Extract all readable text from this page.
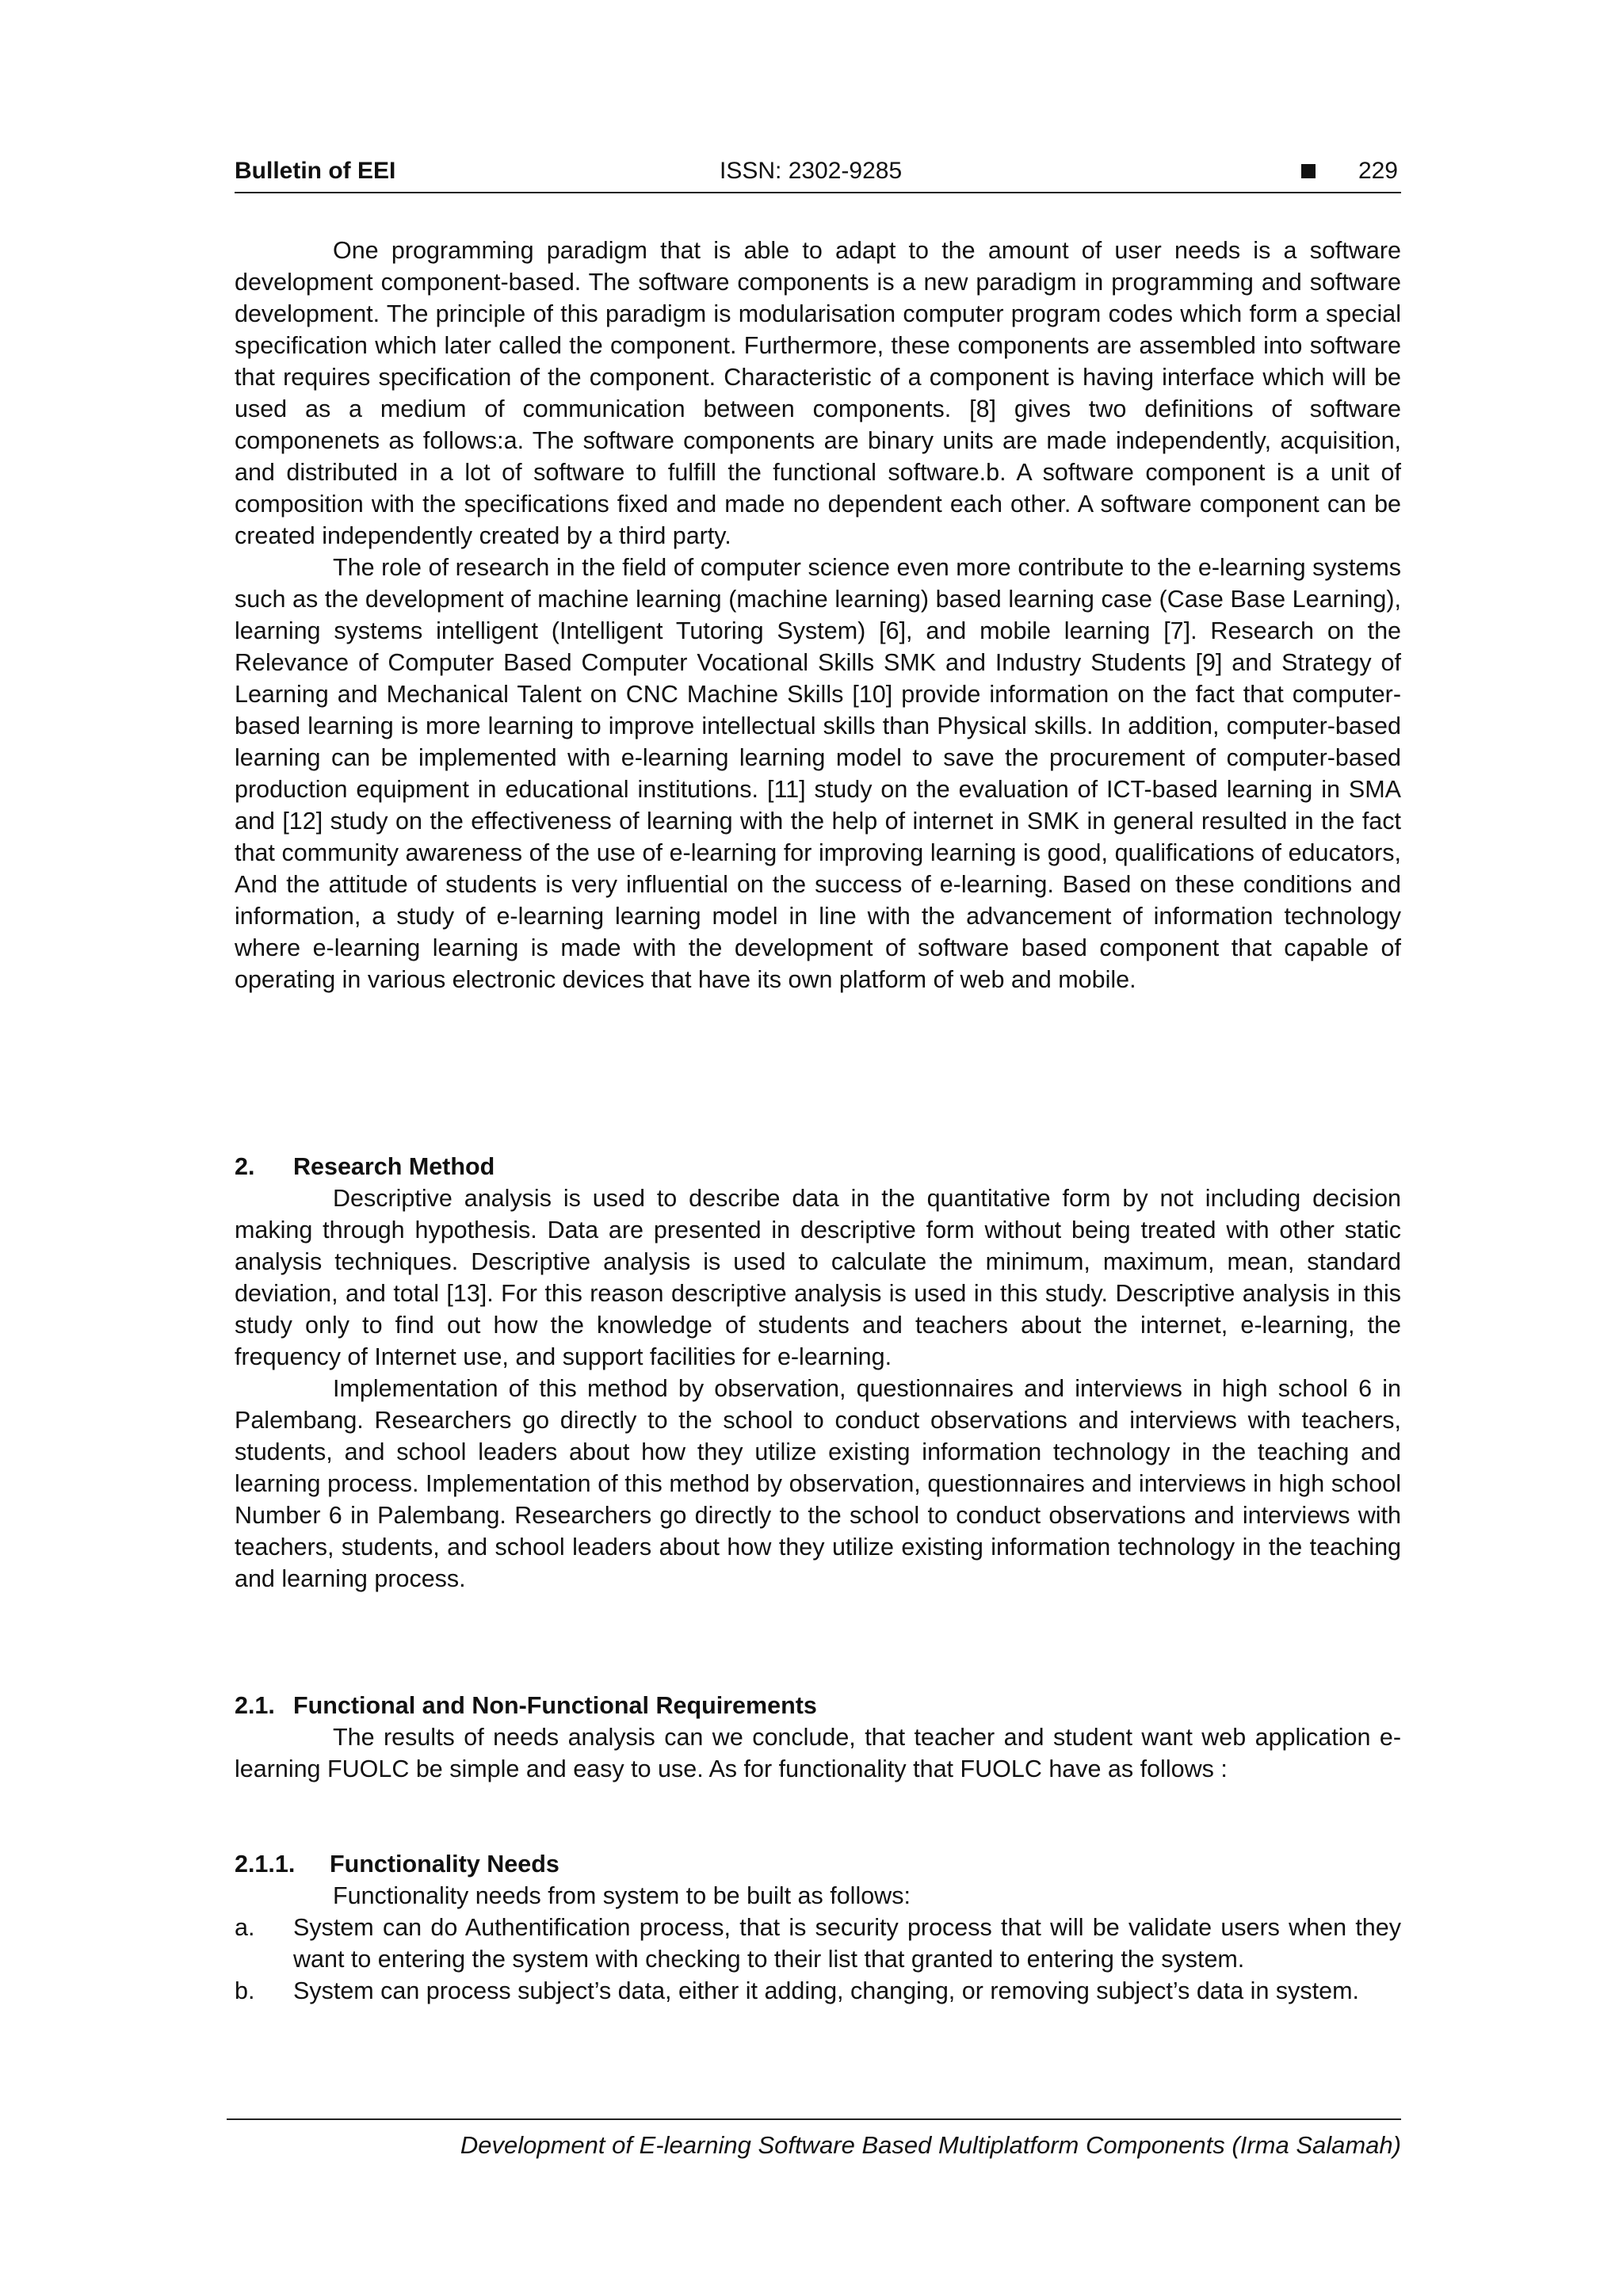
Bulletin of EEI	ISSN: 2302-9285	229

One programming paradigm that is able to adapt to the amount of user needs is a software development component-based. The software components is a new paradigm in programming and software development. The principle of this paradigm is modularisation computer program codes which form a special specification which later called the component. Furthermore, these components are assembled into software that requires specification of the component. Characteristic of a component is having interface which will be used as a medium of communication between components. [8] gives two definitions of software componenets as follows:a. The software components are binary units are made independently, acquisition, and distributed in a lot of software to fulfill the functional software.b. A software component is a unit of composition with the specifications fixed and made no dependent each other. A software component can be created independently created by a third party.

The role of research in the field of computer science even more contribute to the e-learning systems such as the development of machine learning (machine learning) based learning case (Case Base Learning), learning systems intelligent (Intelligent Tutoring System) [6], and mobile learning [7]. Research on the Relevance of Computer Based Computer Vocational Skills SMK and Industry Students [9] and Strategy of Learning and Mechanical Talent on CNC Machine Skills [10] provide information on the fact that computer-based learning is more learning to improve intellectual skills than Physical skills. In addition, computer-based learning can be implemented with e-learning learning model to save the procurement of computer-based production equipment in educational institutions. [11] study on the evaluation of ICT-based learning in SMA and [12] study on the effectiveness of learning with the help of internet in SMK in general resulted in the fact that community awareness of the use of e-learning for improving learning is good, qualifications of educators, And the attitude of students is very influential on the success of e-learning. Based on these conditions and information, a study of e-learning learning model in line with the advancement of information technology where e-learning learning is made with the development of software based component that capable of operating in various electronic devices that have its own platform of web and mobile.

2. Research Method

Descriptive analysis is used to describe data in the quantitative form by not including decision making through hypothesis. Data are presented in descriptive form without being treated with other static analysis techniques. Descriptive analysis is used to calculate the minimum, maximum, mean, standard deviation, and total [13]. For this reason descriptive analysis is used in this study. Descriptive analysis in this study only to find out how the knowledge of students and teachers about the internet, e-learning, the frequency of Internet use, and support facilities for e-learning.

Implementation of this method by observation, questionnaires and interviews in high school 6 in Palembang. Researchers go directly to the school to conduct observations and interviews with teachers, students, and school leaders about how they utilize existing information technology in the teaching and learning process. Implementation of this method by observation, questionnaires and interviews in high school Number 6 in Palembang. Researchers go directly to the school to conduct observations and interviews with teachers, students, and school leaders about how they utilize existing information technology in the teaching and learning process.

2.1. Functional and Non-Functional Requirements

The results of needs analysis can we conclude, that teacher and student want web application e-learning FUOLC be simple and easy to use. As for functionality that FUOLC have as follows :

2.1.1. Functionality Needs

Functionality needs from system to be built as follows:

a. System can do Authentification process, that is security process that will be validate users when they want to entering the system with checking to their list that granted to entering the system.
b. System can process subject’s data, either it adding, changing, or removing subject’s data in system.
Development of E-learning Software Based Multiplatform Components (Irma Salamah)
